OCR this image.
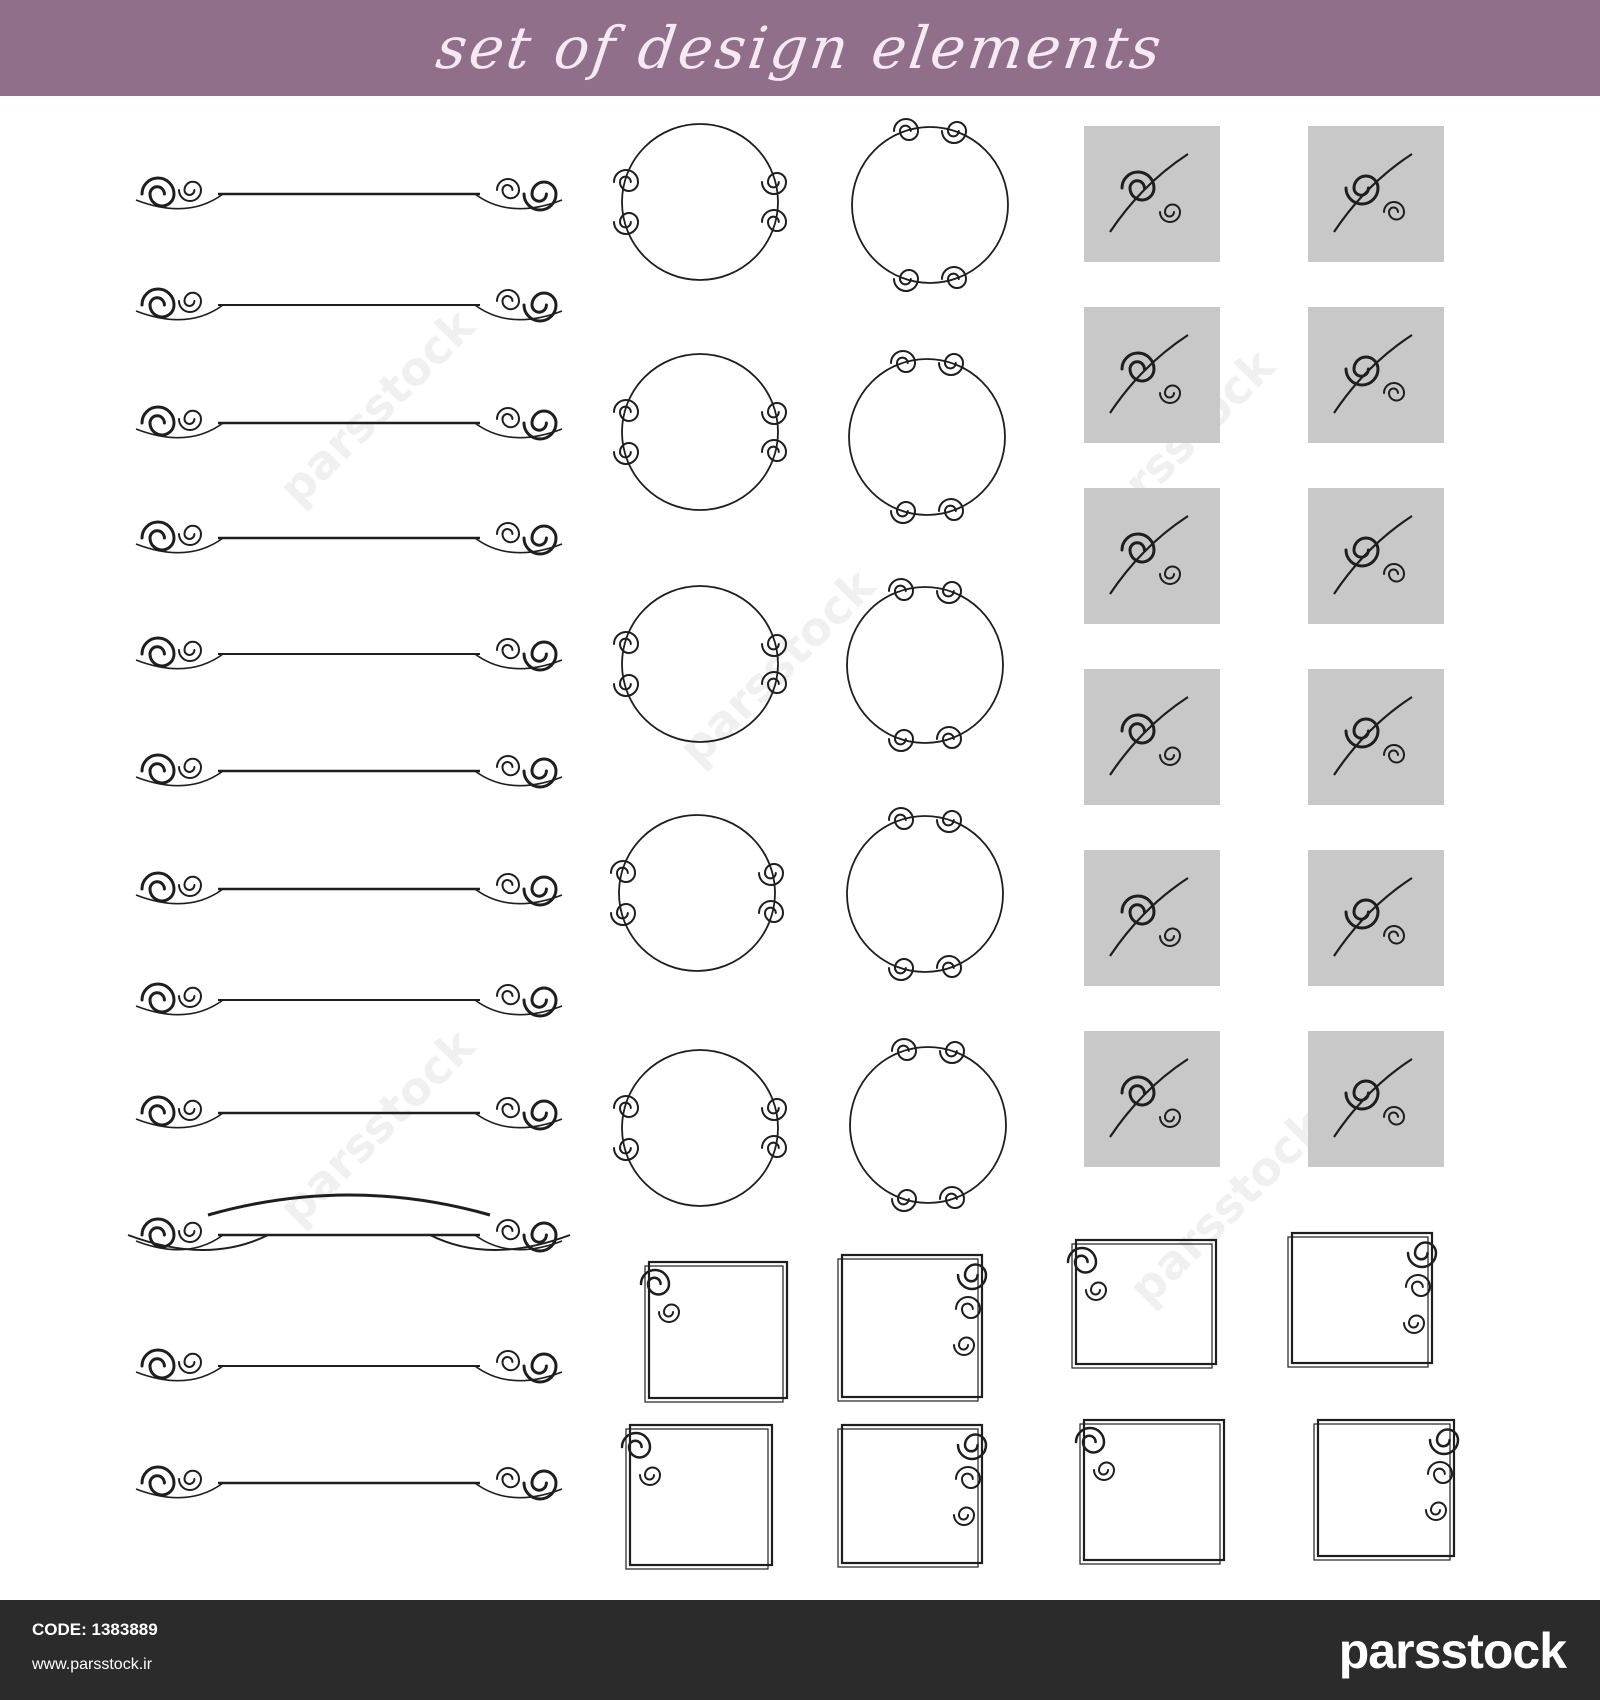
set of design elements
parsstock
parsstock
parsstock
parsstock	parsstock
CODE: 1383889
www.parsstock.ir	parsstock
